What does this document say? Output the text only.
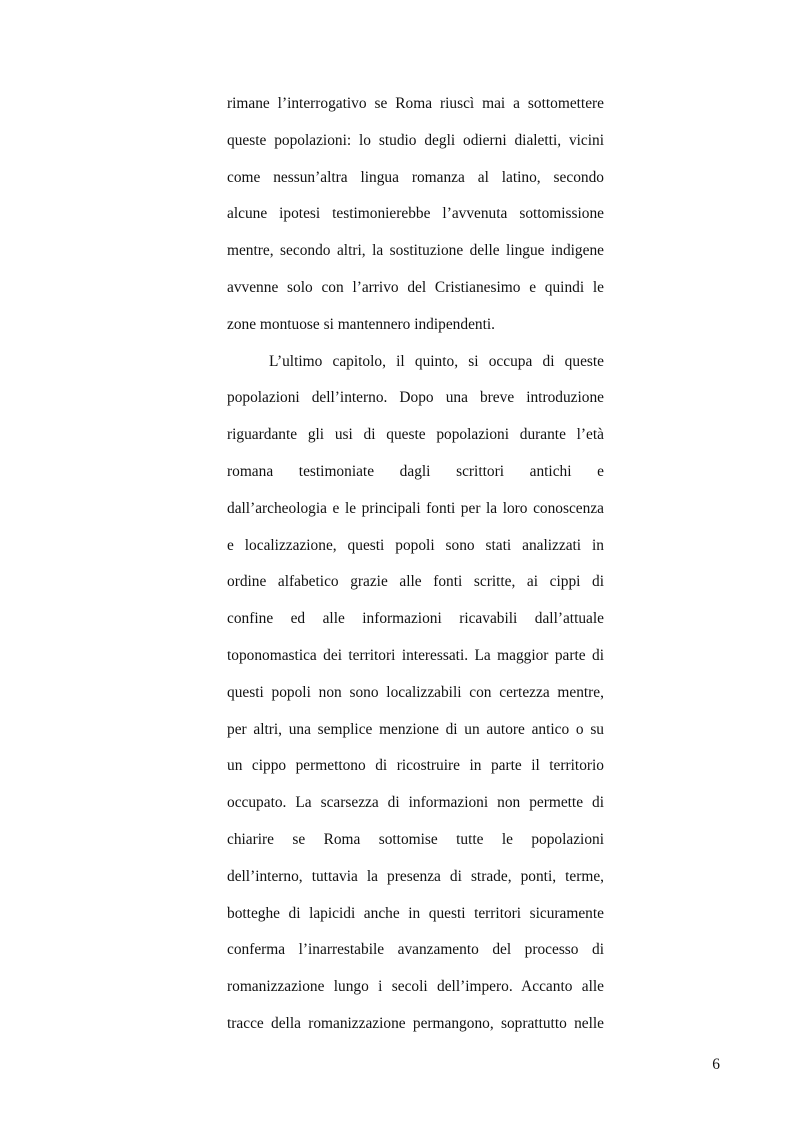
rimane l’interrogativo se Roma riuscì mai a sottomettere
queste popolazioni: lo studio degli odierni dialetti, vicini
come nessun’altra lingua romanza al latino, secondo
alcune ipotesi testimonierebbe l’avvenuta sottomissione
mentre, secondo altri, la sostituzione delle lingue indigene
avvenne solo con l’arrivo del Cristianesimo e quindi le
zone montuose si mantennero indipendenti.
L’ultimo capitolo, il quinto, si occupa di queste
popolazioni dell’interno. Dopo una breve introduzione
riguardante gli usi di queste popolazioni durante l’età
romana testimoniate dagli scrittori antichi e
dall’archeologia e le principali fonti per la loro conoscenza
e localizzazione, questi popoli sono stati analizzati in
ordine alfabetico grazie alle fonti scritte, ai cippi di
confine ed alle informazioni ricavabili dall’attuale
toponomastica dei territori interessati. La maggior parte di
questi popoli non sono localizzabili con certezza mentre,
per altri, una semplice menzione di un autore antico o su
un cippo permettono di ricostruire in parte il territorio
occupato. La scarsezza di informazioni non permette di
chiarire se Roma sottomise tutte le popolazioni
dell’interno, tuttavia la presenza di strade, ponti, terme,
botteghe di lapicidi anche in questi territori sicuramente
conferma l’inarrestabile avanzamento del processo di
romanizzazione lungo i secoli dell’impero. Accanto alle
tracce della romanizzazione permangono, soprattutto nelle
6
